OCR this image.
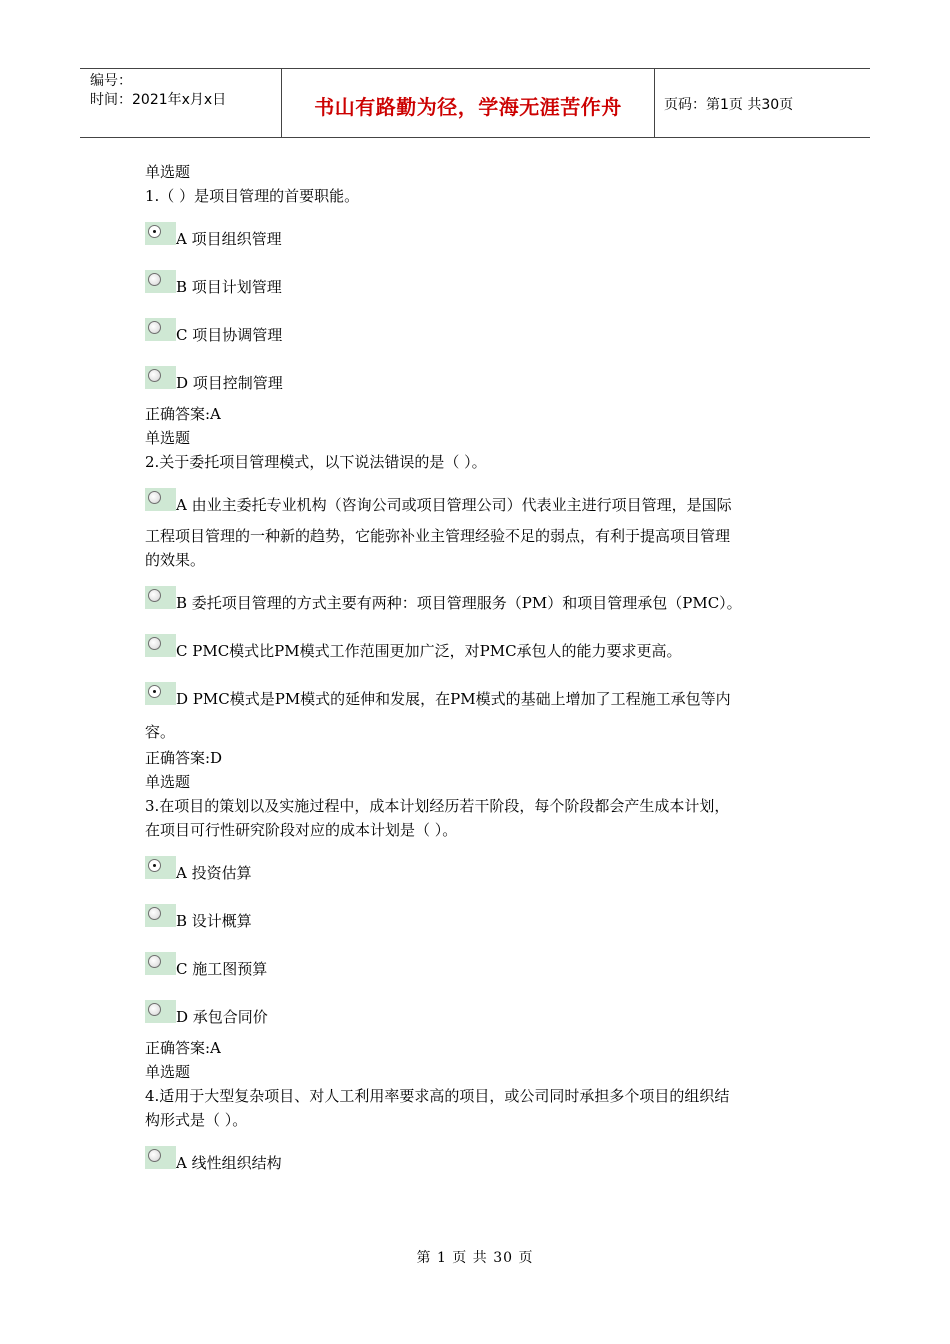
编号：
时间：2021年x月x日	书山有路勤为径，学海无涯苦作舟	页码：第1页 共30页
单选题
1.（ ）是项目管理的首要职能。
A 项目组织管理
B 项目计划管理
C 项目协调管理
D 项目控制管理
正确答案:A
单选题
2.关于委托项目管理模式，以下说法错误的是（ ）。
A 由业主委托专业机构（咨询公司或项目管理公司）代表业主进行项目管理，是国际
工程项目管理的一种新的趋势，它能弥补业主管理经验不足的弱点，有利于提高项目管理
的效果。
B 委托项目管理的方式主要有两种：项目管理服务（PM）和项目管理承包（PMC）。
C PMC模式比PM模式工作范围更加广泛，对PMC承包人的能力要求更高。
D PMC模式是PM模式的延伸和发展，在PM模式的基础上增加了工程施工承包等内
容。
正确答案:D
单选题
3.在项目的策划以及实施过程中，成本计划经历若干阶段，每个阶段都会产生成本计划，
在项目可行性研究阶段对应的成本计划是（ ）。
A 投资估算
B 设计概算
C 施工图预算
D 承包合同价
正确答案:A
单选题
4.适用于大型复杂项目、对人工利用率要求高的项目，或公司同时承担多个项目的组织结
构形式是（ ）。
A 线性组织结构
第 1 页 共 30 页
